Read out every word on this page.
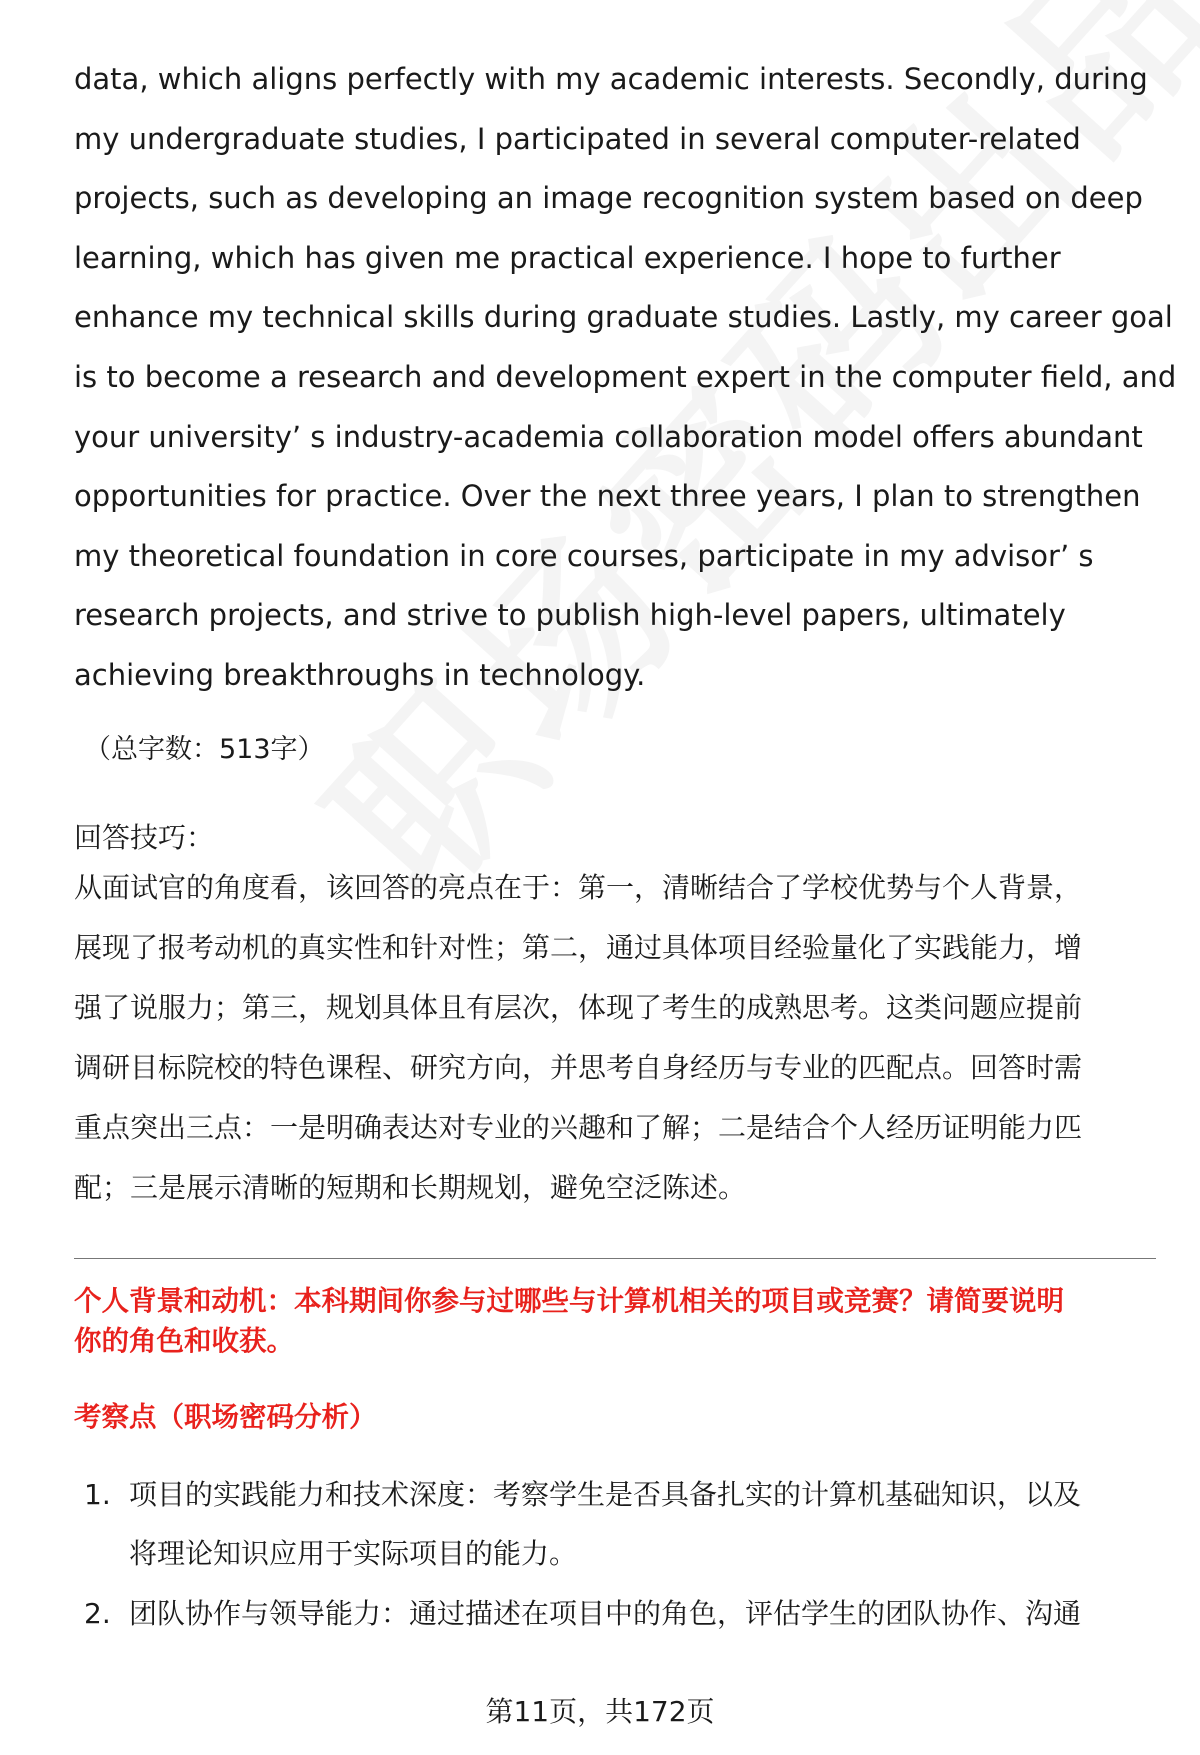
data, which aligns perfectly with my academic interests. Secondly, during
my undergraduate studies, I participated in several computer-related
projects, such as developing an image recognition system based on deep
learning, which has given me practical experience. I hope to further
enhance my technical skills during graduate studies. Lastly, my career goal
is to become a research and development expert in the computer field, and
your university’ s industry-academia collaboration model offers abundant
opportunities for practice. Over the next three years, I plan to strengthen
my theoretical foundation in core courses, participate in my advisor’ s
research projects, and strive to publish high-level papers, ultimately
achieving breakthroughs in technology.

（总字数：513字）
回答技巧：
从面试官的角度看，该回答的亮点在于：第一，清晰结合了学校优势与个人背景，
展现了报考动机的真实性和针对性；第二，通过具体项目经验量化了实践能力，增
强了说服力；第三，规划具体且有层次，体现了考生的成熟思考。这类问题应提前
调研目标院校的特色课程、研究方向，并思考自身经历与专业的匹配点。回答时需
重点突出三点：一是明确表达对专业的兴趣和了解；二是结合个人经历证明能力匹
配；三是展示清晰的短期和长期规划，避免空泛陈述。
个人背景和动机：本科期间你参与过哪些与计算机相关的项目或竞赛？请简要说明
你的角色和收获。
考察点（职场密码分析）
1. 项目的实践能力和技术深度：考察学生是否具备扎实的计算机基础知识，以及
将理论知识应用于实际项目的能力。
2. 团队协作与领导能力：通过描述在项目中的角色，评估学生的团队协作、沟通
第11页，共172页
